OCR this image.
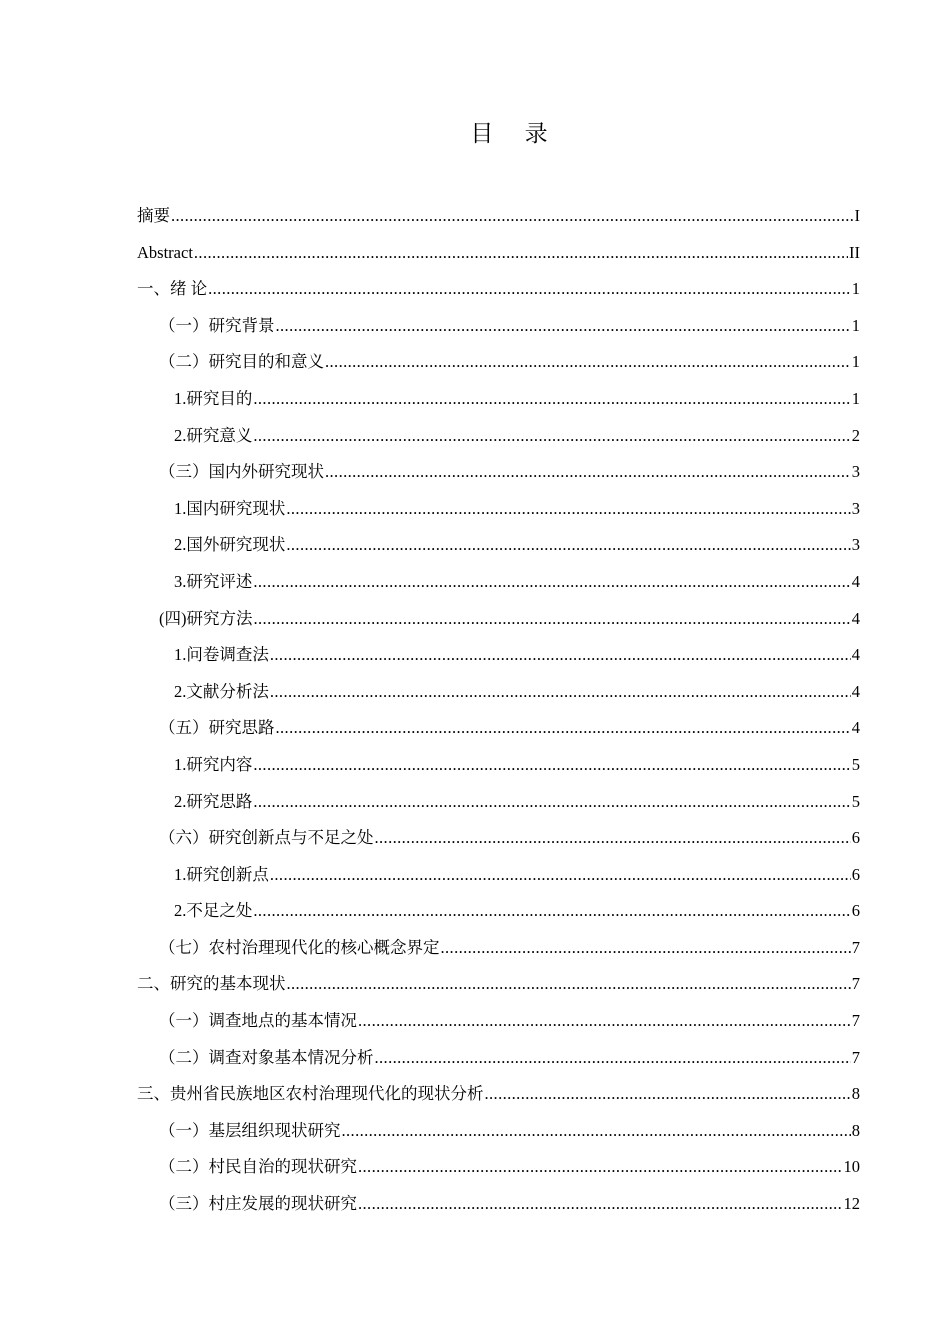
目 录
摘要 .....	I
Abstract .....	II
一、绪 论 .....	1
（一）研究背景 .....	1
（二）研究目的和意义 .....	1
1.研究目的 .....	1
2.研究意义 .....	2
（三）国内外研究现状 .....	3
1.国内研究现状 .....	3
2.国外研究现状 .....	3
3.研究评述 .....	4
(四)研究方法 .....	4
1.问卷调查法 .....	4
2.文献分析法 .....	4
（五）研究思路 .....	4
1.研究内容 .....	5
2.研究思路 .....	5
（六）研究创新点与不足之处 .....	6
1.研究创新点 .....	6
2.不足之处 .....	6
（七）农村治理现代化的核心概念界定 .....	7
二、研究的基本现状 .....	7
（一）调查地点的基本情况 .....	7
（二）调查对象基本情况分析 .....	7
三、贵州省民族地区农村治理现代化的现状分析 .....	8
（一）基层组织现状研究 .....	8
（二）村民自治的现状研究 .....	10
（三）村庄发展的现状研究 .....	12
